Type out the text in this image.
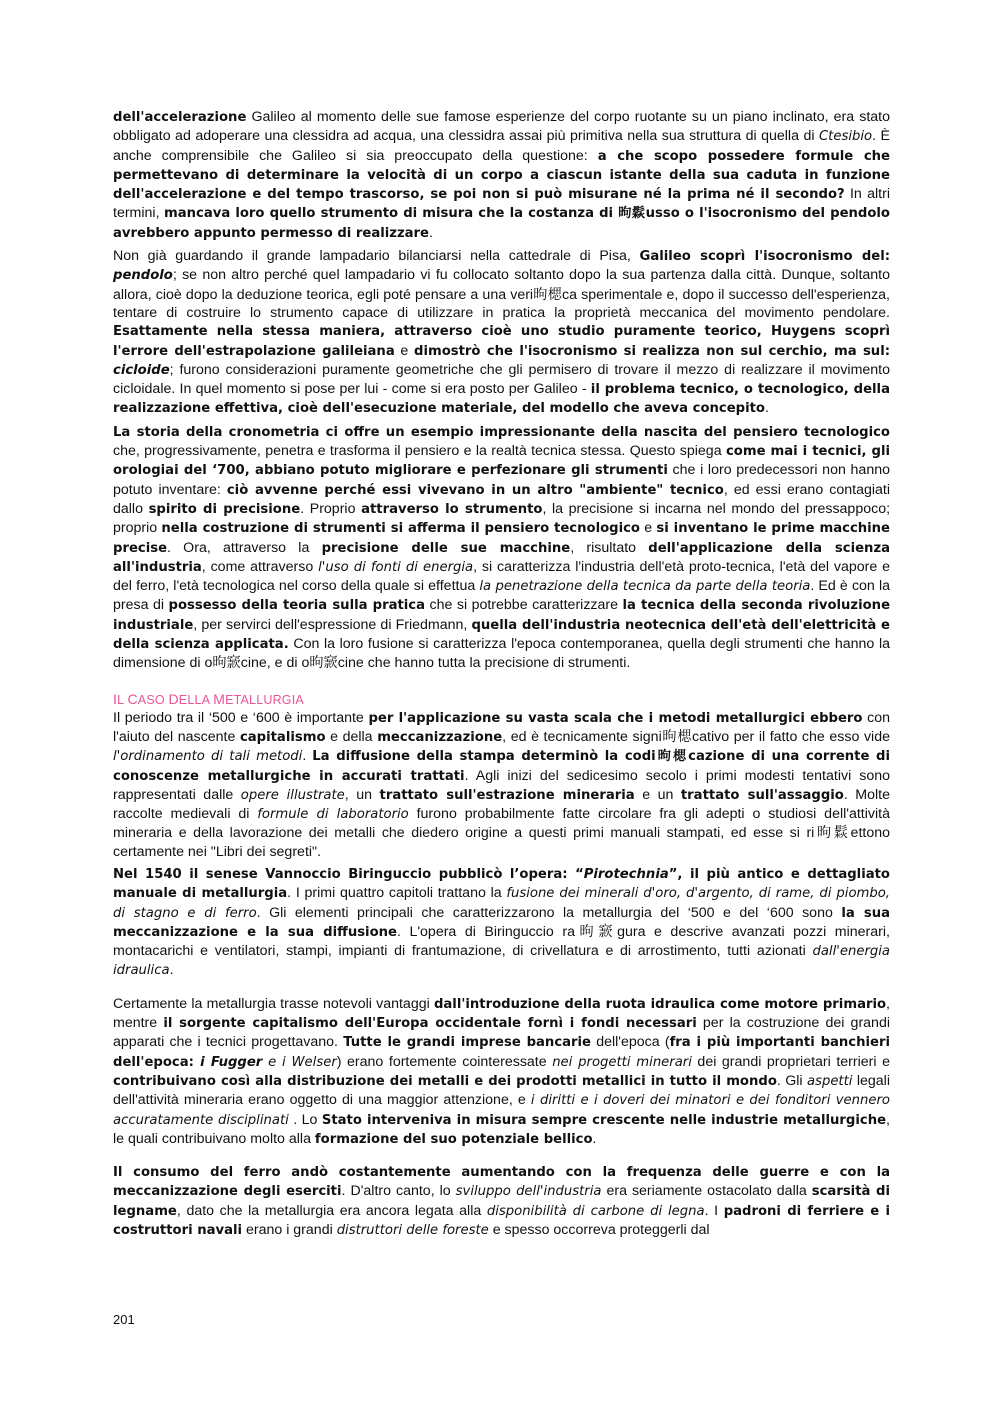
dell'accelerazione Galileo al momento delle sue famose esperienze del corpo ruotante su un piano inclinato, era stato obbligato ad adoperare una clessidra ad acqua, una clessidra assai più primitiva nella sua struttura di quella di Ctesibio. È anche comprensibile che Galileo si sia preoccupato della questione: a che scopo possedere formule che permettevano di determinare la velocità di un corpo a ciascun istante della sua caduta in funzione dell'accelerazione e del tempo trascorso, se poi non si può misurane né la prima né il secondo? In altri termini, mancava loro quello strumento di misura che la costanza di 昫鬏usso o l'isocronismo del pendolo avrebbero appunto permesso di realizzare.

Non già guardando il grande lampadario bilanciarsi nella cattedrale di Pisa, Galileo scoprì l'isocronismo del: pendolo; se non altro perché quel lampadario vi fu collocato soltanto dopo la sua partenza dalla città. Dunque, soltanto allora, cioè dopo la deduzione teorica, egli poté pensare a una veri昫楒ca sperimentale e, dopo il successo dell'esperienza, tentare di costruire lo strumento capace di utilizzare in pratica la proprietà meccanica del movimento pendolare. Esattamente nella stessa maniera, attraverso cioè uno studio puramente teorico, Huygens scoprì l'errore dell'estrapolazione galileiana e dimostrò che l'isocronismo si realizza non sul cerchio, ma sul: cicloide; furono considerazioni puramente geometriche che gli permisero di trovare il mezzo di realizzare il movimento cicloidale. In quel momento si pose per lui - come si era posto per Galileo - il problema tecnico, o tecnologico, della realizzazione effettiva, cioè dell'esecuzione materiale, del modello che aveva concepito.

La storia della cronometria ci offre un esempio impressionante della nascita del pensiero tecnologico che, progressivamente, penetra e trasforma il pensiero e la realtà tecnica stessa. Questo spiega come mai i tecnici, gli orologiai del ‘700, abbiano potuto migliorare e perfezionare gli strumenti che i loro predecessori non hanno potuto inventare: ciò avvenne perché essi vivevano in un altro "ambiente" tecnico, ed essi erano contagiati dallo spirito di precisione. Proprio attraverso lo strumento, la precisione si incarna nel mondo del pressappoco; proprio nella costruzione di strumenti si afferma il pensiero tecnologico e si inventano le prime macchine precise. Ora, attraverso la precisione delle sue macchine, risultato dell'applicazione della scienza all'industria, come attraverso l'uso di fonti di energia, si caratterizza l'industria dell'età proto-tecnica, l'età del vapore e del ferro, l'età tecnologica nel corso della quale si effettua la penetrazione della tecnica da parte della teoria. Ed è con la presa di possesso della teoria sulla pratica che si potrebbe caratterizzare la tecnica della seconda rivoluzione industriale, per servirci dell'espressione di Friedmann, quella dell'industria neotecnica dell'età dell'elettricità e della scienza applicata. Con la loro fusione si caratterizza l'epoca contemporanea, quella degli strumenti che hanno la dimensione di o昫窾cine, e di o昫窾cine che hanno tutta la precisione di strumenti.

IL CASO DELLA METALLURGIA

Il periodo tra il ‘500 e ‘600 è importante per l'applicazione su vasta scala che i metodi metallurgici ebbero con l'aiuto del nascente capitalismo e della meccanizzazione, ed è tecnicamente signi昫楒cativo per il fatto che esso vide l'ordinamento di tali metodi. La diffusione della stampa determinò la codi昫楒cazione di una corrente di conoscenze metallurgiche in accurati trattati. Agli inizi del sedicesimo secolo i primi modesti tentativi sono rappresentati dalle opere illustrate, un trattato sull'estrazione mineraria e un trattato sull'assaggio. Molte raccolte medievali di formule di laboratorio furono probabilmente fatte circolare fra gli adepti o studiosi dell'attività mineraria e della lavorazione dei metalli che diedero origine a questi primi manuali stampati, ed esse si ri昫鬏ettono certamente nei "Libri dei segreti".

Nel 1540 il senese Vannoccio Biringuccio pubblicò l’opera: “Pirotechnia”, il più antico e dettagliato manuale di metallurgia. I primi quattro capitoli trattano la fusione dei minerali d'oro, d'argento, di rame, di piombo, di stagno e di ferro. Gli elementi principali che caratterizzarono la metallurgia del ‘500 e del ‘600 sono la sua meccanizzazione e la sua diffusione. L'opera di Biringuccio ra昫窾gura e descrive avanzati pozzi minerari, montacarichi e ventilatori, stampi, impianti di frantumazione, di crivellatura e di arrostimento, tutti azionati dall'energia idraulica.

Certamente la metallurgia trasse notevoli vantaggi dall'introduzione della ruota idraulica come motore primario, mentre il sorgente capitalismo dell'Europa occidentale fornì i fondi necessari per la costruzione dei grandi apparati che i tecnici progettavano. Tutte le grandi imprese bancarie dell'epoca (fra i più importanti banchieri dell'epoca: i Fugger e i Welser) erano fortemente cointeressate nei progetti minerari dei grandi proprietari terrieri e contribuivano così alla distribuzione dei metalli e dei prodotti metallici in tutto il mondo. Gli aspetti legali dell'attività mineraria erano oggetto di una maggior attenzione, e i diritti e i doveri dei minatori e dei fonditori vennero accuratamente disciplinati . Lo Stato interveniva in misura sempre crescente nelle industrie metallurgiche, le quali contribuivano molto alla formazione del suo potenziale bellico.

Il consumo del ferro andò costantemente aumentando con la frequenza delle guerre e con la meccanizzazione degli eserciti. D'altro canto, lo sviluppo dell'industria era seriamente ostacolato dalla scarsità di legname, dato che la metallurgia era ancora legata alla disponibilità di carbone di legna. I padroni di ferriere e i costruttori navali erano i grandi distruttori delle foreste e spesso occorreva proteggerli dal

201
